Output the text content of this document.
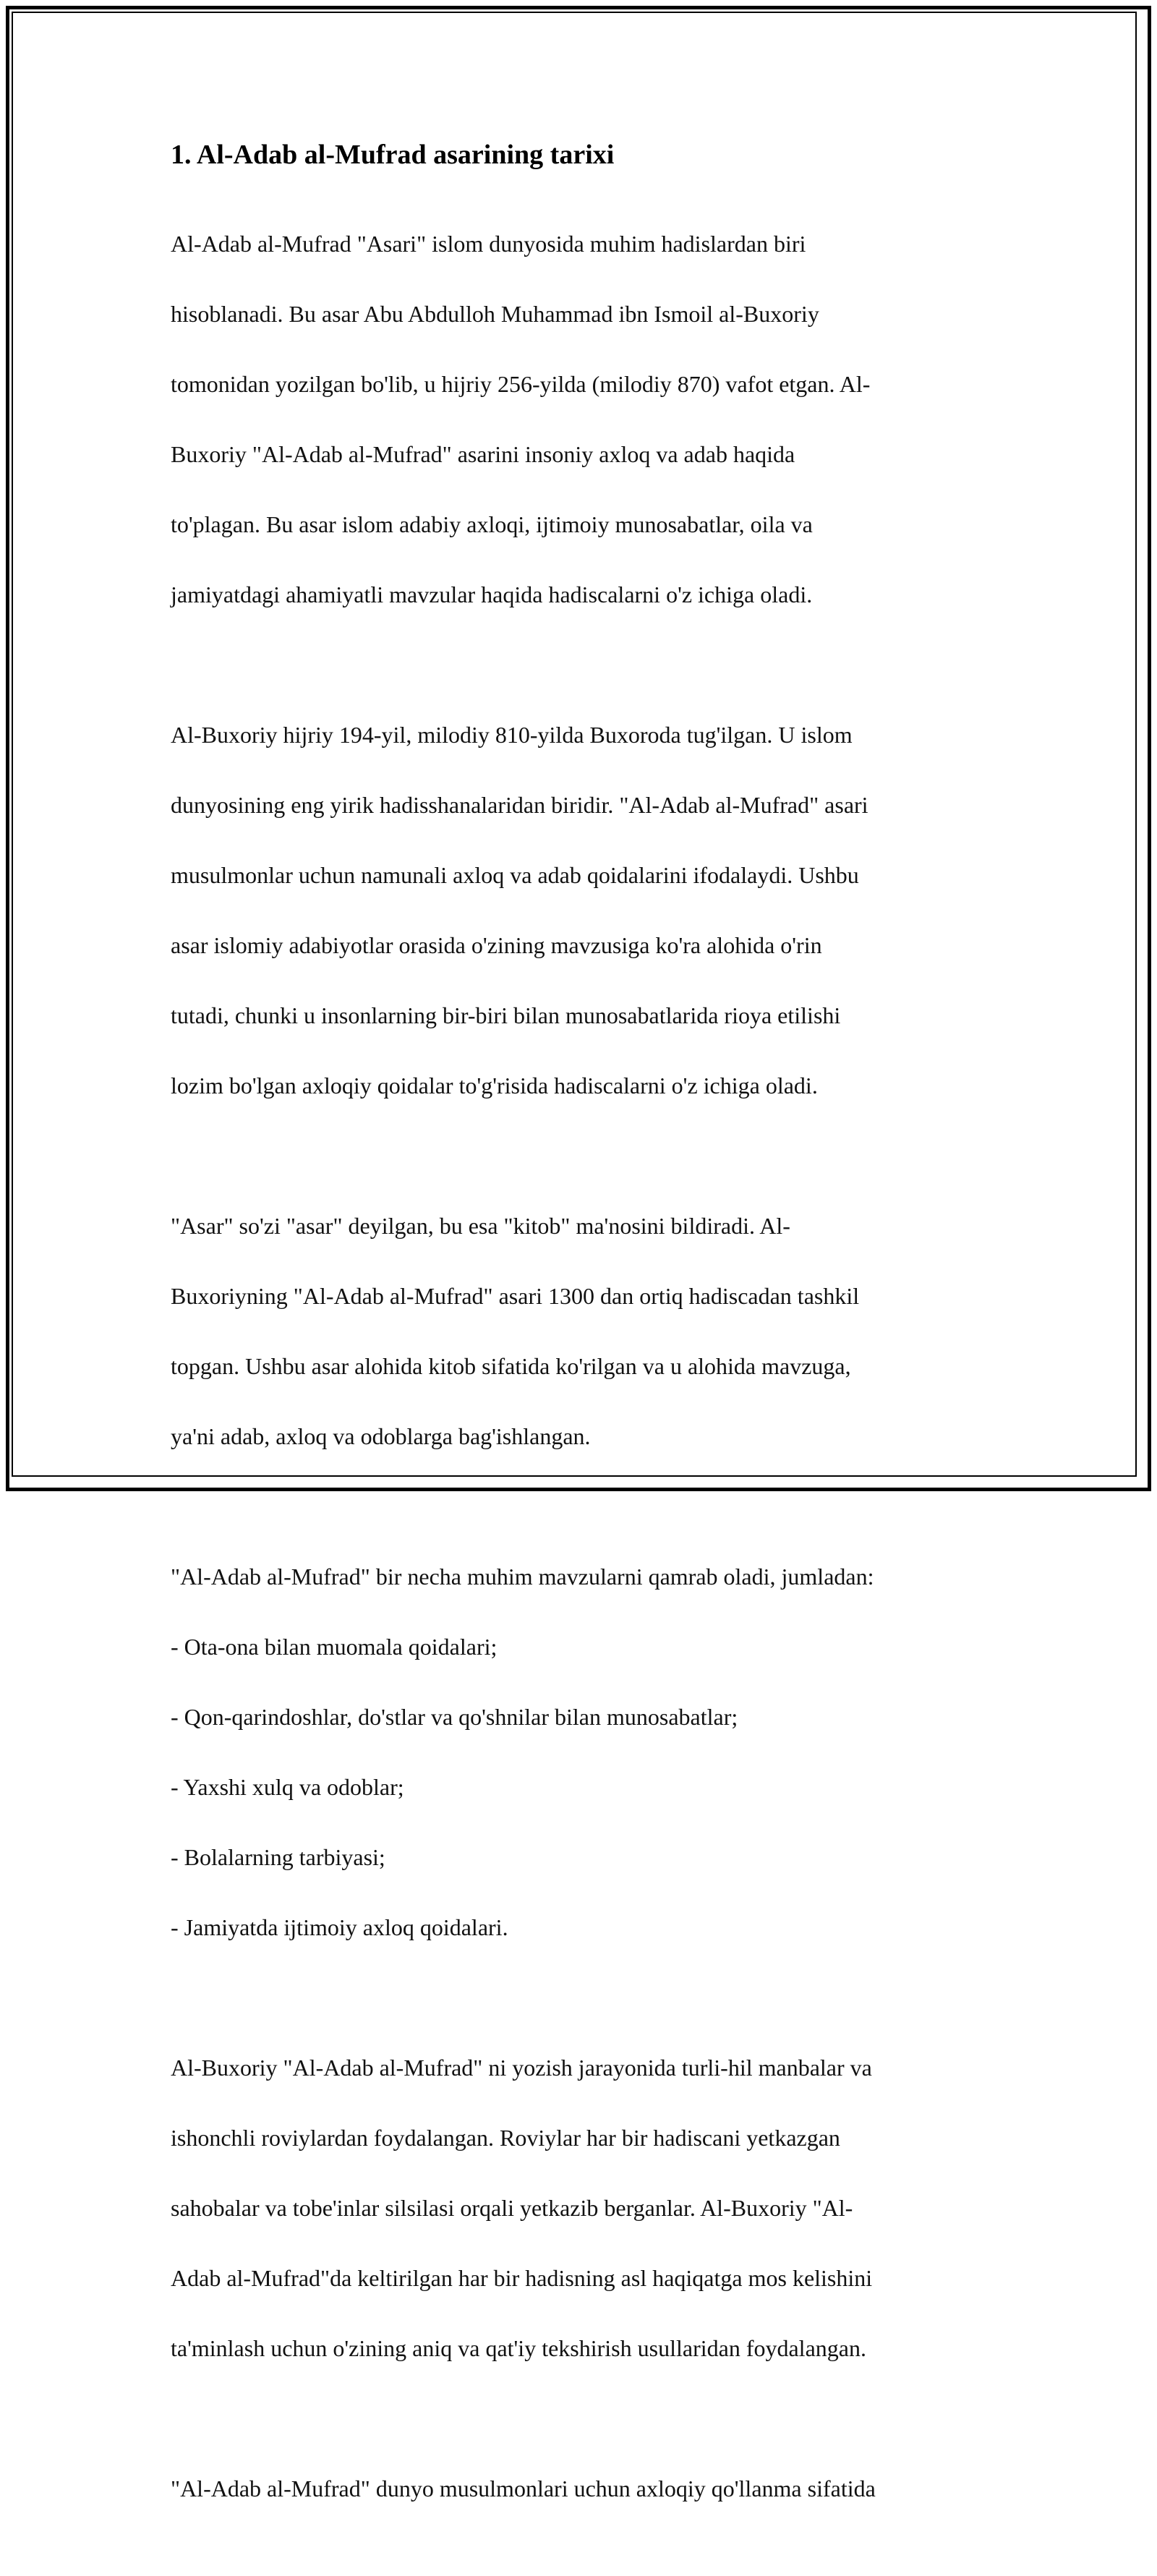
1. Al-Adab al-Mufrad asarining tarixi

Al-Adab al-Mufrad "Asari" islom dunyosida muhim hadislardan biri

hisoblanadi. Bu asar Abu Abdulloh Muhammad ibn Ismoil al-Buxoriy

tomonidan yozilgan bo'lib, u hijriy 256-yilda (milodiy 870) vafot etgan. Al-

Buxoriy "Al-Adab al-Mufrad" asarini insoniy axloq va adab haqida

to'plagan. Bu asar islom adabiy axloqi, ijtimoiy munosabatlar, oila va

jamiyatdagi ahamiyatli mavzular haqida hadiscalarni o'z ichiga oladi.

Al-Buxoriy hijriy 194-yil, milodiy 810-yilda Buxoroda tug'ilgan. U islom

dunyosining eng yirik hadisshanalaridan biridir. "Al-Adab al-Mufrad" asari

musulmonlar uchun namunali axloq va adab qoidalarini ifodalaydi. Ushbu

asar islomiy adabiyotlar orasida o'zining mavzusiga ko'ra alohida o'rin

tutadi, chunki u insonlarning bir-biri bilan munosabatlarida rioya etilishi

lozim bo'lgan axloqiy qoidalar to'g'risida hadiscalarni o'z ichiga oladi.

"Asar" so'zi "asar" deyilgan, bu esa "kitob" ma'nosini bildiradi. Al-

Buxoriyning "Al-Adab al-Mufrad" asari 1300 dan ortiq hadiscadan tashkil

topgan. Ushbu asar alohida kitob sifatida ko'rilgan va u alohida mavzuga,

ya'ni adab, axloq va odoblarga bag'ishlangan.

"Al-Adab al-Mufrad" bir necha muhim mavzularni qamrab oladi, jumladan:

- Ota-ona bilan muomala qoidalari;

- Qon-qarindoshlar, do'stlar va qo'shnilar bilan munosabatlar;

- Yaxshi xulq va odoblar;

- Bolalarning tarbiyasi;

- Jamiyatda ijtimoiy axloq qoidalari.

Al-Buxoriy "Al-Adab al-Mufrad" ni yozish jarayonida turli-hil manbalar va

ishonchli roviylardan foydalangan. Roviylar har bir hadiscani yetkazgan

sahobalar va tobe'inlar silsilasi orqali yetkazib berganlar. Al-Buxoriy "Al-

Adab al-Mufrad"da keltirilgan har bir hadisning asl haqiqatga mos kelishini

ta'minlash uchun o'zining aniq va qat'iy tekshirish usullaridan foydalangan.

"Al-Adab al-Mufrad" dunyo musulmonlari uchun axloqiy qo'llanma sifatida
